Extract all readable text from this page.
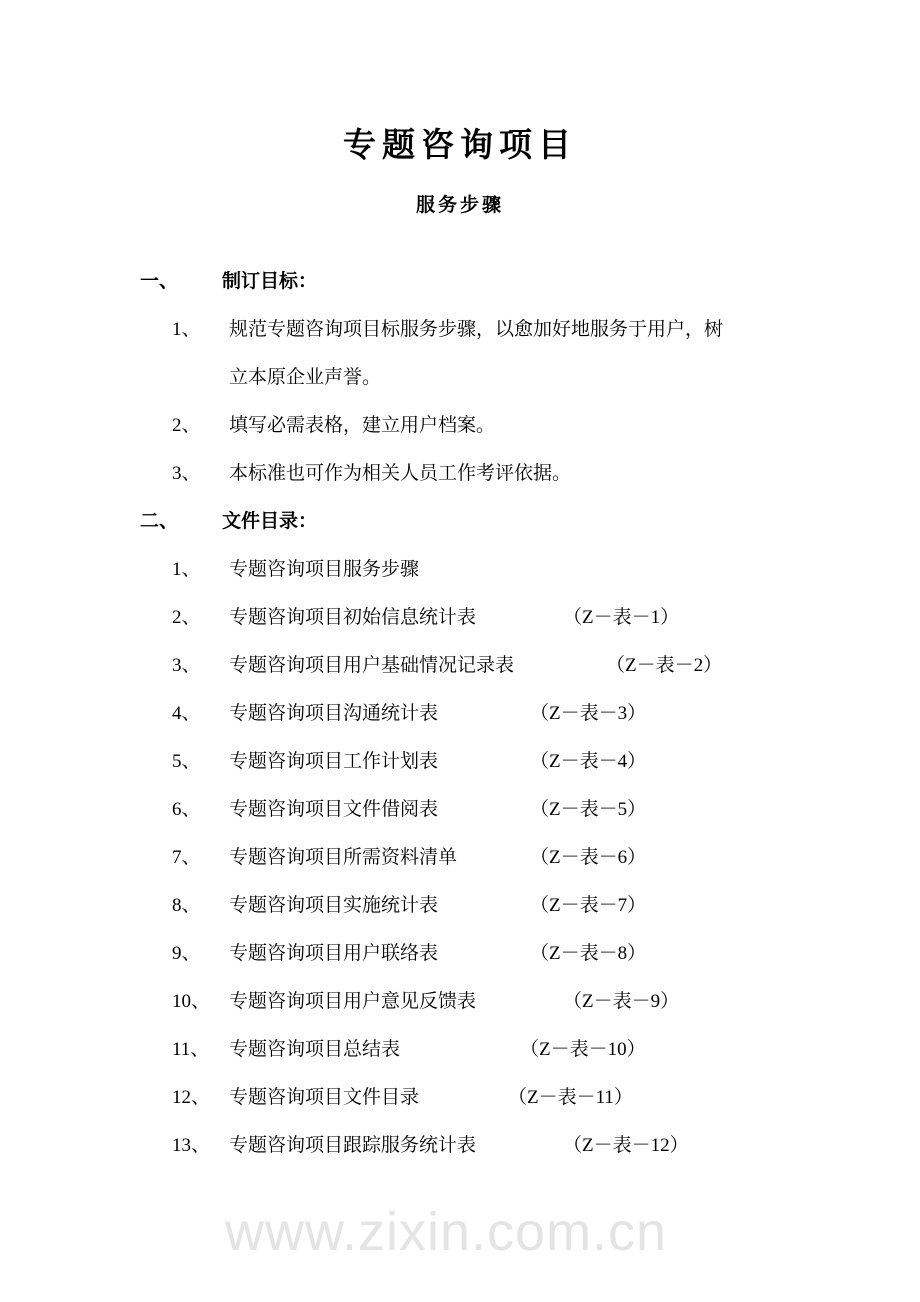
www.zixin.com.cn
专题咨询项目
服务步骤
一、 制订目标：
1、 规范专题咨询项目标服务步骤，以愈加好地服务于用户，树
立本原企业声誉。
2、 填写必需表格，建立用户档案。
3、 本标准也可作为相关人员工作考评依据。
二、 文件目录：
1、 专题咨询项目服务步骤
2、 专题咨询项目初始信息统计表	（Z－表－1）
3、 专题咨询项目用户基础情况记录表	（Z－表－2）
4、 专题咨询项目沟通统计表	（Z－表－3）
5、 专题咨询项目工作计划表	（Z－表－4）
6、 专题咨询项目文件借阅表	（Z－表－5）
7、 专题咨询项目所需资料清单	（Z－表－6）
8、 专题咨询项目实施统计表	（Z－表－7）
9、 专题咨询项目用户联络表	（Z－表－8）
10、 专题咨询项目用户意见反馈表	（Z－表－9）
11、 专题咨询项目总结表	（Z－表－10）
12、 专题咨询项目文件目录	（Z－表－11）
13、 专题咨询项目跟踪服务统计表	（Z－表－12）
